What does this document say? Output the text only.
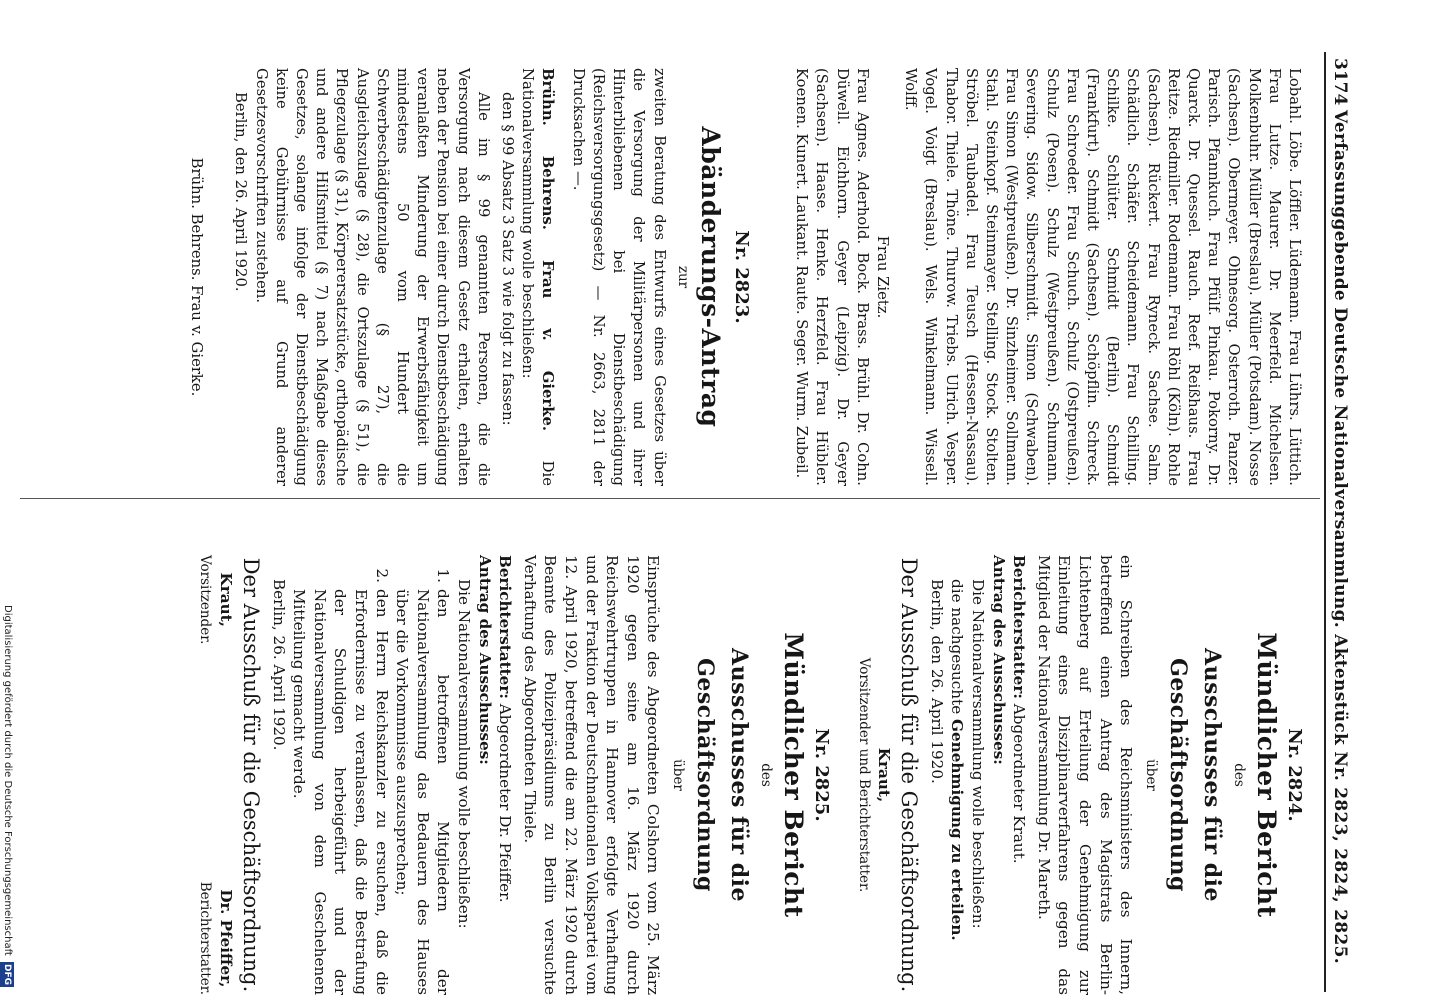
3174
Verfassunggebende Deutsche Nationalversammlung. Aktenstück Nr. 2823, 2824, 2825.

Lobahl. Löbe. Löffler. Lüdemann. Frau Lührs. Lüttich. Frau Lutze. Maurer. Dr. Meerfeld. Michelsen. Molkenbuhr. Müller (Breslau). Müller (Potsdam). Nosse (Sachsen). Obermeyer. Ohnesorg. Osterroth. Panzer. Parisch. Pfannkuch. Frau Pfülf. Pinkau. Pokorny. Dr. Quarck. Dr. Quessel. Rauch. Reef. Reißhaus. Frau Reitze. Riedmiller. Rodemann. Frau Röhl (Köln). Rohle (Sachsen). Rückert. Frau Ryneck. Sachse. Salm. Schädlich. Schäfer. Scheidemann. Frau Schilling. Schilke. Schlüter. Schmidt (Berlin). Schmidt (Frankfurt). Schmidt (Sachsen). Schöpflin. Schreck. Frau Schroeder. Frau Schuch. Schulz (Ostpreußen). Schulz (Posen). Schulz (Westpreußen). Schumann. Severing. Sidow. Silberschmidt. Simon (Schwaben). Frau Simon (Westpreußen). Dr. Sinzheimer. Sollmann. Stahl. Steinkopf. Steinmayer. Stelling. Stock. Stolten. Ströbel. Taubadel. Frau Teusch (Hessen-Nassau). Thabor. Thiele. Thöne. Thurow. Triebs. Ulrich. Vesper. Vogel. Voigt (Breslau). Wels. Winkelmann. Wissell. Wolff.

Frau Zietz.

Frau Agnes. Aderhold. Bock. Brass. Brühl. Dr. Cohn. Düwell. Eichhorn. Geyer (Leipzig). Dr. Geyer (Sachsen). Haase. Henke. Herzfeld. Frau Hübler. Koenen. Kunert. Laukant. Raute. Seger. Wurm. Zubeil.

Nr. 2823.

Abänderungs-Antrag

zur

zweiten Beratung des Entwurfs eines Gesetzes über die Versorgung der Militärpersonen und ihrer Hinterbliebenen bei Dienstbeschädigung (Reichsversorgungsgesetz) — Nr. 2663, 2811 der Drucksachen —.

Brühn. Behrens. Frau v. Gierke. Die Nationalversammlung wolle beschließen:

den § 99 Absatz 3 Satz 3 wie folgt zu fassen:

Alle im § 99 genannten Personen, die die Versorgung nach diesem Gesetz erhalten, erhalten neben der Pension bei einer durch Dienstbeschädigung veranlaßten Minderung der Erwerbsfähigkeit um mindestens 50 vom Hundert die Schwerbeschädigtenzulage (§ 27), die Ausgleichszulage (§ 28), die Ortszulage (§ 51), die Pflegezulage (§ 31), Körperersatzstücke, orthopädische und andere Hilfsmittel (§ 7) nach Maßgabe dieses Gesetzes, solange infolge der Dienstbeschädigung keine Gebührnisse auf Grund anderer Gesetzesvorschriften zustehen.

Berlin, den 26. April 1920.

Brühn. Behrens. Frau v. Gierke.

Nr. 2824.

Mündlicher Bericht

des

Ausschusses für die Geschäftsordnung

über

ein Schreiben des Reichsministers des Innern, betreffend einen Antrag des Magistrats Berlin-Lichtenberg auf Erteilung der Genehmigung zur Einleitung eines Disziplinarverfahrens gegen das Mitglied der Nationalversammlung Dr. Mareth.

Berichterstatter: Abgeordneter Kraut.

Antrag des Ausschusses:

Die Nationalversammlung wolle beschließen:

die nachgesuchte Genehmigung zu erteilen.

Berlin, den 26. April 1920.

Der Ausschuß für die Geschäftsordnung.

Kraut,

Vorsitzender und Berichterstatter.

Nr. 2825.

Mündlicher Bericht

des

Ausschusses für die Geschäftsordnung

über

Einsprüche des Abgeordneten Colshorn vom 25. März 1920 gegen seine am 16. März 1920 durch Reichswehrtruppen in Hannover erfolgte Verhaftung und der Fraktion der Deutschnationalen Volkspartei vom 12. April 1920, betreffend die am 22. März 1920 durch Beamte des Polizeipräsidiums zu Berlin versuchte Verhaftung des Abgeordneten Thiele.

Berichterstatter: Abgeordneter Dr. Pfeiffer.

Antrag des Ausschusses:

Die Nationalversammlung wolle beschließen:

1.
den betroffenen Mitgliedern der Nationalversammlung das Bedauern des Hauses über die Vorkommnisse auszusprechen;
2.
den Herrn Reichskanzler zu ersuchen, daß die Erfordernisse zu veranlassen, daß die Bestrafung der Schuldigen herbeigeführt und der Nationalversammlung von dem Geschehenen Mitteilung gemacht werde.

Berlin, 26. April 1920.

Der Ausschuß für die Geschäftsordnung.

Kraut,

Vorsitzender.

Dr. Pfeiffer,

Berichterstatter.

Digitalisierung gefördert durch die Deutsche Forschungsgemeinschaft DFG
